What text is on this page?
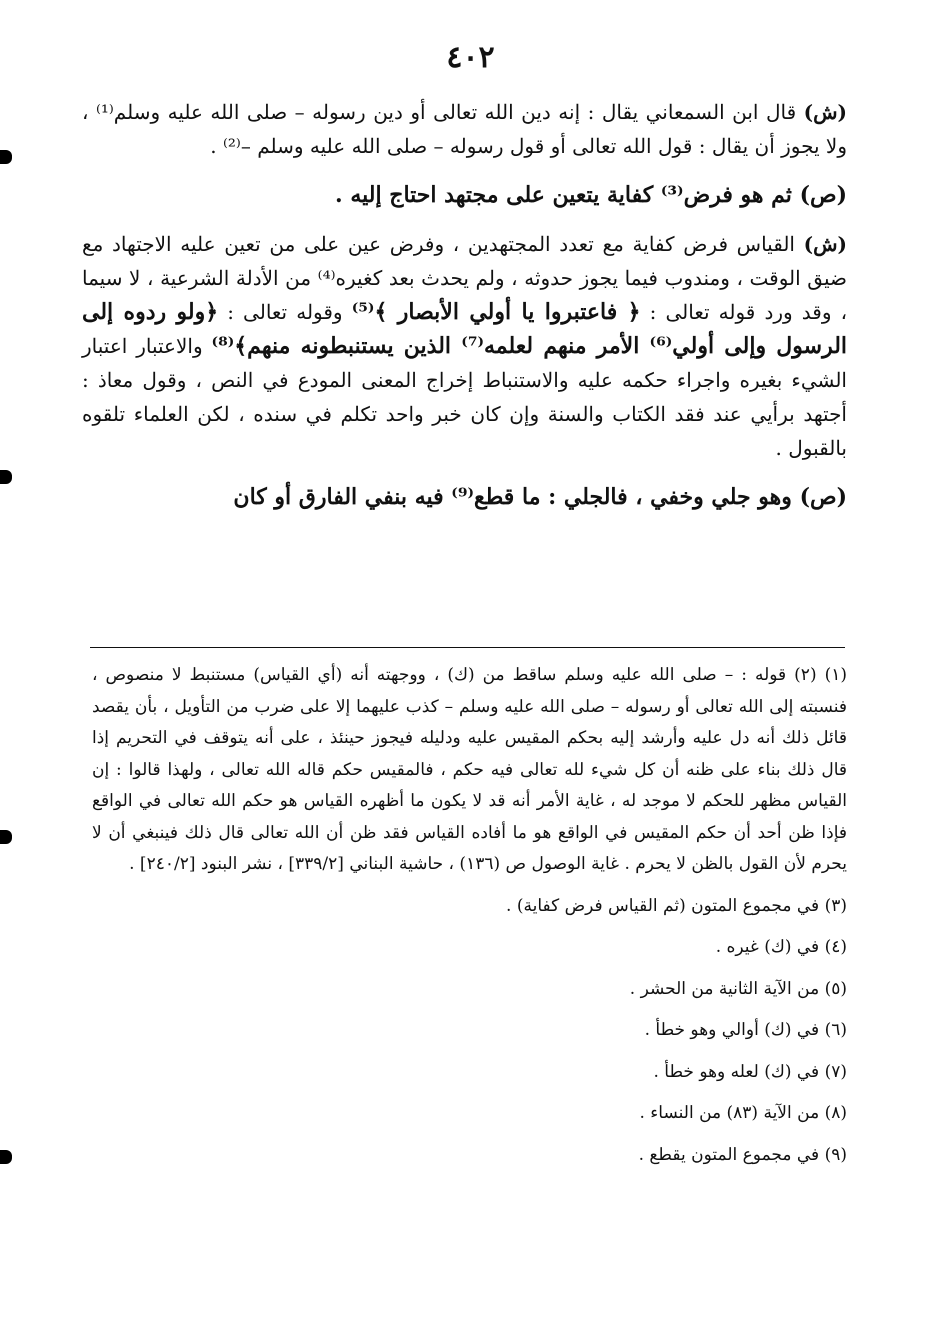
٤٠٢

(ش) قال ابن السمعاني يقال : إنه دين الله تعالى أو دين رسوله – صلى الله عليه وسلم⁽¹⁾ ، ولا يجوز أن يقال : قول الله تعالى أو قول رسوله – صلى الله عليه وسلم –⁽²⁾ .

(ص) ثم هو فرض⁽³⁾ كفاية يتعين على مجتهد احتاج إليه .

(ش) القياس فرض كفاية مع تعدد المجتهدين ، وفرض عين على من تعين عليه الاجتهاد مع ضيق الوقت ، ومندوب فيما يجوز حدوثه ، ولم يحدث بعد كغيره⁽⁴⁾ من الأدلة الشرعية ، لا سيما ، وقد ورد قوله تعالى : ﴿ فاعتبروا يا أولي الأبصار ﴾⁽⁵⁾ وقوله تعالى : ﴿ولو ردوه إلى الرسول وإلى أولي⁽⁶⁾ الأمر منهم لعلمه⁽⁷⁾ الذين يستنبطونه منهم﴾⁽⁸⁾ والاعتبار اعتبار الشيء بغيره واجراء حكمه عليه والاستنباط إخراج المعنى المودع في النص ، وقول معاذ : أجتهد برأيي عند فقد الكتاب والسنة وإن كان خبر واحد تكلم في سنده ، لكن العلماء تلقوه بالقبول .

(ص) وهو جلي وخفي ، فالجلي : ما قطع⁽⁹⁾ فيه بنفي الفارق أو كان

(١) (٢) قوله : – صلى الله عليه وسلم ساقط من (ك) ، ووجهته أنه (أي القياس) مستنبط لا منصوص ، فنسبته إلى الله تعالى أو رسوله – صلى الله عليه وسلم – كذب عليهما إلا على ضرب من التأويل ، بأن يقصد قائل ذلك أنه دل عليه وأرشد إليه بحكم المقيس عليه ودليله فيجوز حينئذ ، على أنه يتوقف في التحريم إذا قال ذلك بناء على ظنه أن كل شيء لله تعالى فيه حكم ، فالمقيس حكم قاله الله تعالى ، ولهذا قالوا : إن القياس مظهر للحكم لا موجد له ، غاية الأمر أنه قد لا يكون ما أظهره القياس هو حكم الله تعالى في الواقع فإذا ظن أحد أن حكم المقيس في الواقع هو ما أفاده القياس فقد ظن أن الله تعالى قال ذلك فينبغي أن لا يحرم لأن القول بالظن لا يحرم . غاية الوصول ص (١٣٦) ، حاشية البناني [٣٣٩/٢] ، نشر البنود [٢٤٠/٢] .

(٣) في مجموع المتون (ثم القياس فرض كفاية) .

(٤) في (ك) غيره .

(٥) من الآية الثانية من الحشر .

(٦) في (ك) أوالي وهو خطأ .

(٧) في (ك) لعله وهو خطأ .

(٨) من الآية (٨٣) من النساء .

(٩) في مجموع المتون يقطع .
